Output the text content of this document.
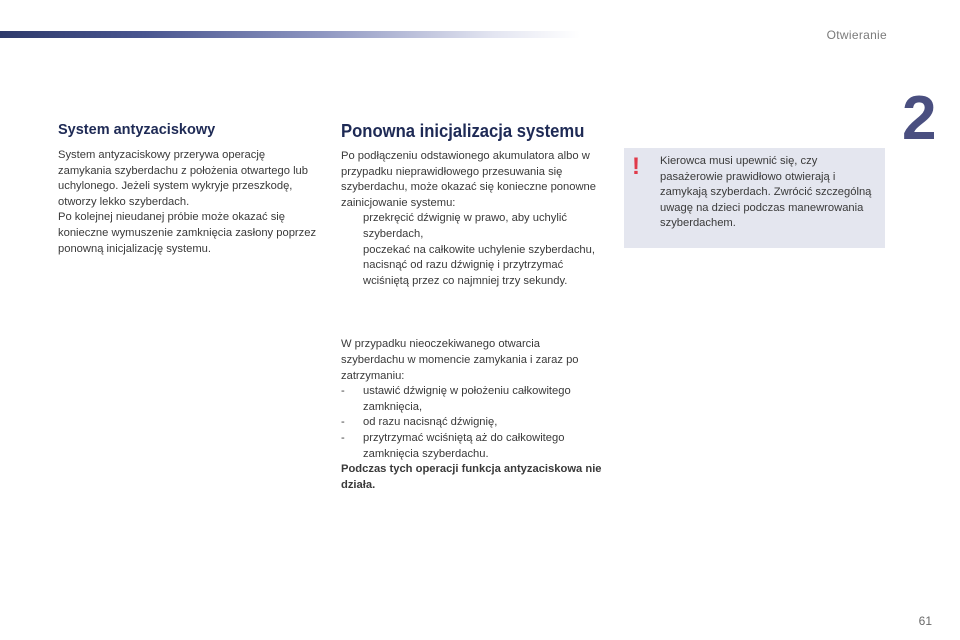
Otwieranie
2
System antyzaciskowy

System antyzaciskowy przerywa operację zamykania szyberdachu z położenia otwartego lub uchylonego. Jeżeli system wykryje przeszkodę, otworzy lekko szyberdach.

Po kolejnej nieudanej próbie może okazać się konieczne wymuszenie zamknięcia zasłony poprzez ponowną inicjalizację systemu.

Ponowna inicjalizacja systemu

Po podłączeniu odstawionego akumulatora albo w przypadku nieprawidłowego przesuwania się szyberdachu, może okazać się konieczne ponowne zainicjowanie systemu:

przekręcić dźwignię w prawo, aby uchylić szyberdach,
poczekać na całkowite uchylenie szyberdachu,
nacisnąć od razu dźwignię i przytrzymać wciśniętą przez co najmniej trzy sekundy.

W przypadku nieoczekiwanego otwarcia szyberdachu w momencie zamykania i zaraz po zatrzymaniu:

- ustawić dźwignię w położeniu całkowitego zamknięcia,
- od razu nacisnąć dźwignię,
- przytrzymać wciśniętą aż do całkowitego zamknięcia szyberdachu.

Podczas tych operacji funkcja antyzaciskowa nie działa.

! Kierowca musi upewnić się, czy pasażerowie prawidłowo otwierają i zamykają szyberdach. Zwrócić szczególną uwagę na dzieci podczas manewrowania szyberdachem.
61
